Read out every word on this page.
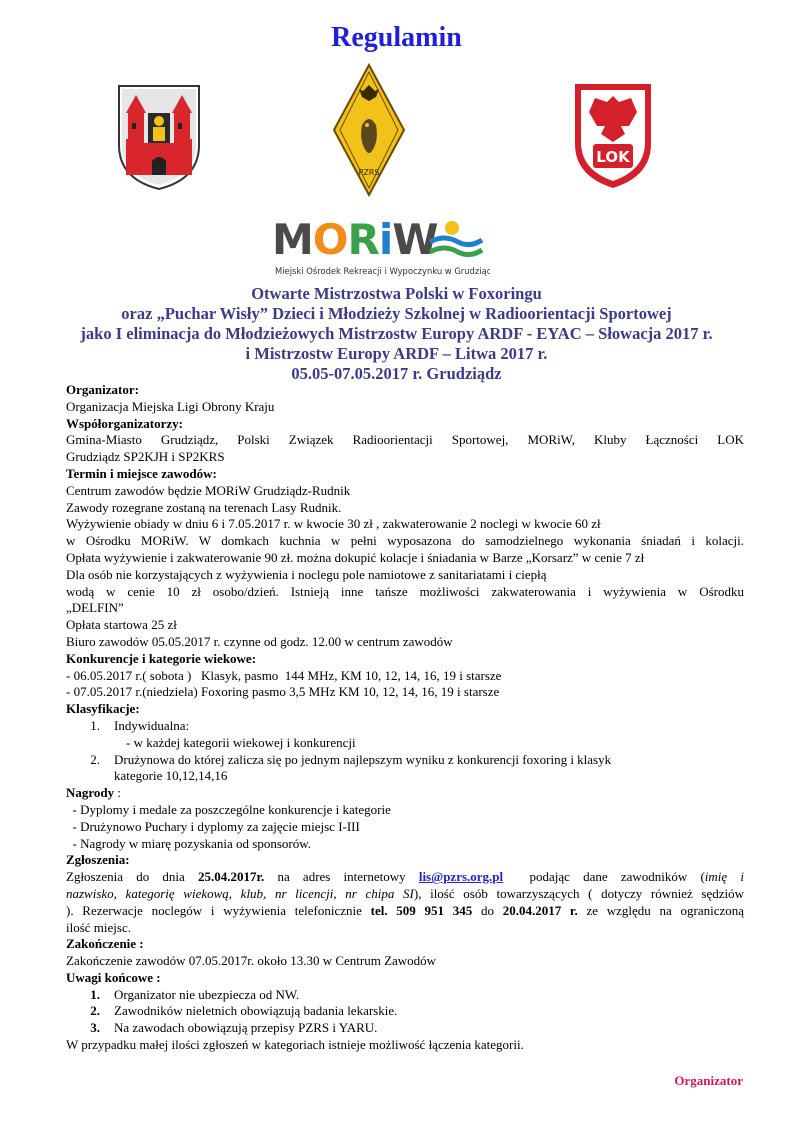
Regulamin
PZRS
LOK
MORiW
Miejski Ośrodek Rekreacji i Wypoczynku w Grudziądzu
Otwarte Mistrzostwa Polski w Foxoringu
oraz „Puchar Wisły” Dzieci i Młodzieży Szkolnej w Radioorientacji Sportowej
jako I eliminacja do Młodzieżowych Mistrzostw Europy ARDF - EYAC – Słowacja 2017 r.
i Mistrzostw Europy ARDF – Litwa 2017 r.
05.05-07.05.2017 r. Grudziądz

Organizator:

Organizacja Miejska Ligi Obrony Kraju

Współorganizatorzy:

Gmina-Miasto Grudziądz, Polski Związek Radioorientacji Sportowej, MORiW, Kluby Łączności LOK

Grudziądz SP2KJH i SP2KRS

Termin i miejsce zawodów:

Centrum zawodów będzie MORiW Grudziądz-Rudnik

Zawody rozegrane zostaną na terenach Lasy Rudnik.

Wyżywienie obiady w dniu 6 i 7.05.2017 r. w kwocie 30 zł , zakwaterowanie 2 noclegi w kwocie 60 zł

w Ośrodku MORiW. W domkach kuchnia w pełni wyposazona do samodzielnego wykonania śniadań i kolacji.

Opłata wyżywienie i zakwaterowanie 90 zł. można dokupić kolacje i śniadania w Barze „Korsarz” w cenie 7 zł

Dla osób nie korzystających z wyżywienia i noclegu pole namiotowe z sanitariatami i ciepłą

wodą w cenie 10 zł osobo/dzień. Istnieją inne tańsze możliwości zakwaterowania i wyżywienia w Ośrodku

„DELFIN”

Opłata startowa 25 zł

Biuro zawodów 05.05.2017 r. czynne od godz. 12.00 w centrum zawodów

Konkurencje i kategorie wiekowe:

- 06.05.2017 r.( sobota )   Klasyk, pasmo  144 MHz, KM 10, 12, 14, 16, 19 i starsze

- 07.05.2017 r.(niedziela) Foxoring pasmo 3,5 MHz KM 10, 12, 14, 16, 19 i starsze

Klasyfikacje:

1.	Indywidualna:

- w każdej kategorii wiekowej i konkurencji

2.	Drużynowa do której zalicza się po jednym najlepszym wyniku z konkurencji foxoring i klasyk

kategorie 10,12,14,16

Nagrody :

- Dyplomy i medale za poszczególne konkurencje i kategorie

- Drużynowo Puchary i dyplomy za zajęcie miejsc I-III

- Nagrody w miarę pozyskania od sponsorów.

Zgłoszenia:

Zgłoszenia do dnia 25.04.2017r. na adres internetowy lis@pzrs.org.pl  podając dane zawodników (imię i

nazwisko, kategorię wiekową, klub, nr licencji, nr chipa SI), ilość osób towarzyszących ( dotyczy również sędziów

). Rezerwacje noclegów i wyżywienia telefonicznie tel. 509 951 345 do 20.04.2017 r. ze względu na ograniczoną

ilość miejsc.

Zakończenie :

Zakończenie zawodów 07.05.2017r. około 13.30 w Centrum Zawodów

Uwagi końcowe :

1.	Organizator nie ubezpiecza od NW.
2.	Zawodników nieletnich obowiązują badania lekarskie.
3.	Na zawodach obowiązują przepisy PZRS i YARU.

W przypadku małej ilości zgłoszeń w kategoriach istnieje możliwość łączenia kategorii.

Organizator
